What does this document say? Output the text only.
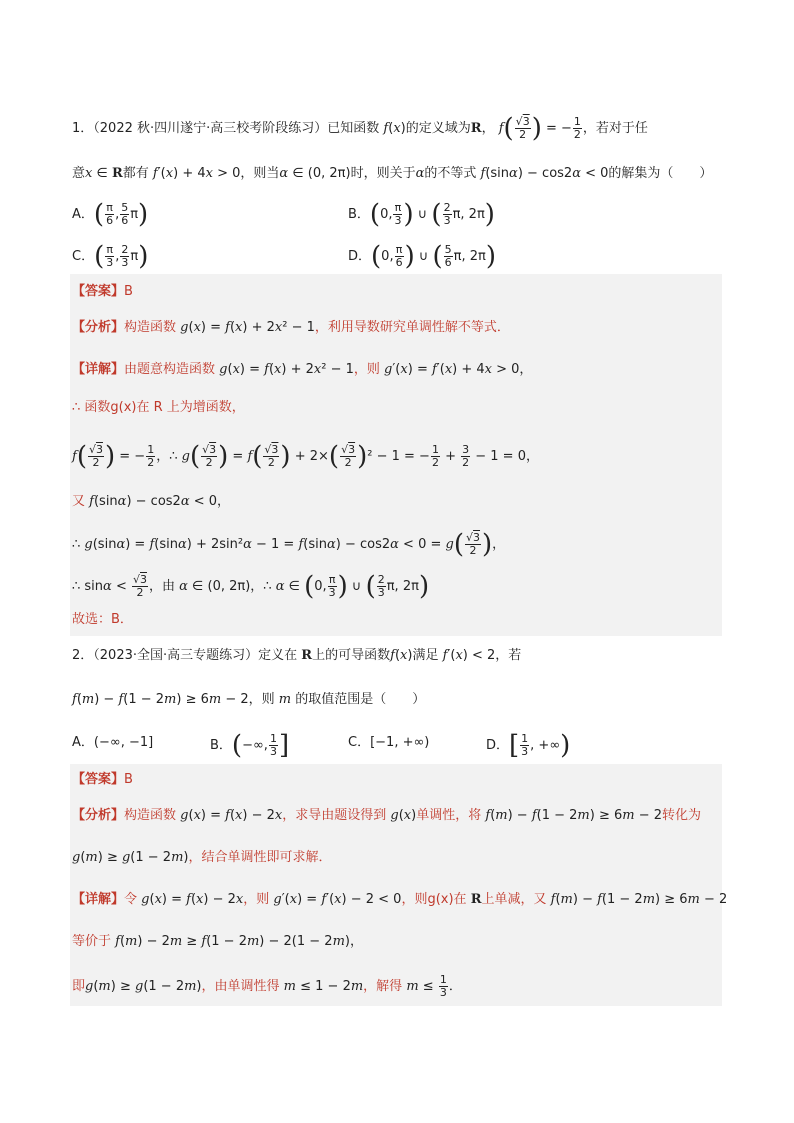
1．（2022 秋·四川遂宁·高三校考阶段练习）已知函数 f(x)的定义域为R， $f( \frac{√3}{2}$ ) = − $\frac{1}{2}$ ，若对于任
意x ∈ R都有 f′(x) + 4x > 0，则当α ∈ (0, 2π)时，则关于α的不等式 f(sinα) − cos2α < 0的解集为（　　）
A．( $\frac{\pi}{6}$ , $\frac{5}{6} \pi$)	B．(0, $\frac{\pi}{3}$ ) ∪ ( $\frac{2}{3} \pi$, 2π)
C．( $\frac{\pi}{3}$ , $\frac{2}{3} \pi$)	D．(0, $\frac{\pi}{6}$ ) ∪ ( $\frac{5}{6} \pi$, 2π)
【答案】B
【分析】构造函数 g(x) = f(x) + 2x² − 1，利用导数研究单调性解不等式．
【详解】由题意构造函数 g(x) = f(x) + 2x² − 1，则 g′(x) = f′(x) + 4x > 0，
∴ 函数g(x)在 R 上为增函数，
$f( \frac{√3}{2}$ ) = − $\frac{1}{2}$ ，∴ $g( \frac{√3}{2}$ ) = $f( \frac{√3}{2}$ ) + $2\times( \frac{√3}{2} )^2 - 1$ = − $\frac{1}{2} + \frac{3}{2} - 1 = 0$，
又 f(sinα) − cos2α < 0，
∴ $g(\sin\alpha) = f(\sin\alpha) + 2\sin^2\alpha - 1 = f(\sin\alpha) - \cos 2\alpha < 0 = g( \frac{√3}{2}$ )，
∴ $\sin\alpha < \frac{√3}{2}$ ，由 α ∈ (0, 2π)，∴ α ∈ (0, $\frac{\pi}{3}$ ) ∪ ( $\frac{2}{3} \pi$, 2π)
故选：B．
2．（2023·全国·高三专题练习）定义在 R上的可导函数f(x)满足 f′(x) < 2，若
f(m) − f(1 − 2m) ≥ 6m − 2，则 m 的取值范围是（　　）
A．(−∞, −1]	B．(−∞, $\frac{1}{3}$ ]	C．[−1, +∞)	D．[ $\frac{1}{3}$ , +∞)
【答案】B
【分析】构造函数 g(x) = f(x) − 2x，求导由题设得到 g(x)单调性，将 f(m) − f(1 − 2m) ≥ 6m − 2转化为
g(m) ≥ g(1 − 2m)，结合单调性即可求解．
【详解】令 g(x) = f(x) − 2x，则 g′(x) = f′(x) − 2 < 0，则g(x)在 R上单减，又 f(m) − f(1 − 2m) ≥ 6m − 2
等价于 f(m) − 2m ≥ f(1 − 2m) − 2(1 − 2m)，
即g(m) ≥ g(1 − 2m)，由单调性得 m ≤ 1 − 2m，解得 $m \le \frac{1}{3}$ ．
